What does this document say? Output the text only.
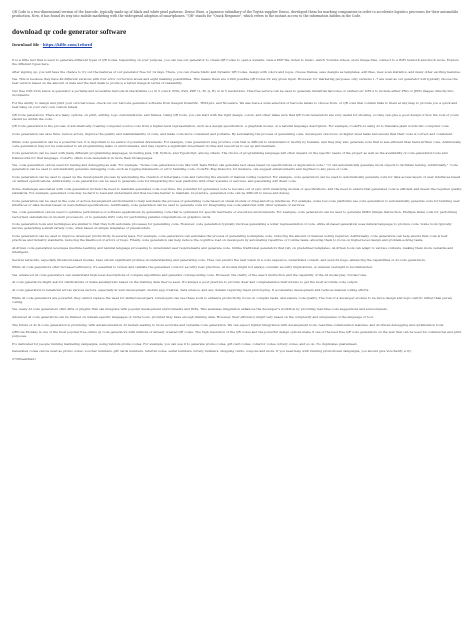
QR Code is a two-dimensional version of the barcode, typically made up of black and white pixel patterns. Denso Wave, a Japanese subsidiary of the Toyota supplier Denso, developed them for marking components in order to accelerate logistics processes for their automobile production. Now, it has found its way into mobile marketing with the widespread adoption of smartphones. "QR" stands for "Quick Response", which refers to the instant access to the information hidden in the Code.

download qr code generator software

Download file - https://kilfe.com/1e8wrd

It is a little text that is used to generate different types of QR Codes. Depending on your purpose, you can use our generator to create QR Codes to open a website, view a PDF file, listen to music, watch Youtube videos, store image files, connect to a WiFi network and much more. Explore the different types here.

After signing up, you will have the chance to try out the features of our generator free for 14 days. There, you can create Static and Dynamic QR Codes, design with colors and logos, choose frames, save designs as templates, edit files, view scan statistics, and many other exciting features.

Yes. This is because they have 40 different versions with four error correction levels and eight masking possibilities. This means there are 2,000 possible QR Codes for any given input. However, for marketing purposes, only versions 1–7 are used as our generator will typically choose the best version based on the amount of data and the best mask to produce a better image in terms of readability.

Our free CSS form below is generator a portable and accessible barcode in black/white (+) in 5 colors: PNG, SVG, PDF (L, M, Q, H) or in 5 resolutions. This free service can be used to generate industrial barcodes or unified our URL's to include either PNG or JPEG images directly into documents.

For the ability to design and print your own barcodes, check out our barcode generator software from Seagull Scientific, TEKLynx, and Niceware. We also have a wide selection of barcode labels to choose from, or QR code that contain links to them at any map to provide you a quick and best bang on your very own custom labels.

QR Code generators: There are many options, on print, editing, logo customizations, and frames. Using QR Code, you can start with the right design, colors, and other make sure that QR Code Generators are very useful for showing, so they can give a good design of how the look of yours should be within the code.

QR Code generation is the process of automatically creating computer source code from a higher-level representation, such as a design specification, a graphical model, or a natural language description. For example, CodeFlo is using AI to translate plain words into computer code.

Code generation can save time, reduce errors, improve the quality and maintainability of code, and make code more consistent and portable. By automating the process of generating code, developers can focus on higher-level tasks and ensure that their code is correct and consistent.

While code generation can be a powerful tool, it is important to be aware of potential drawbacks. For example, code generators may produce code that is difficult to understand or modify by humans, and they may also generate code that is less efficient than hand-written code. Additionally, code generation may not be well-suited to all programming tasks or environments, and may require a significant investment in time and resources to set up and maintain.

Code generators can be used with many different programming languages, including Java, C#, Python, and TypeScript, among others. The choice of programming language will often depend on the specific needs of the project as well as the availability of code generation tools and frameworks for that language. CodeFlo offers Code Generation in more than 30 languages.

Yes, code generation can be used for testing and debugging as well. For example, "Some code generation tools like Unit Tests Writer can generate test cases based on specifications or application code," "or can automatically generate mock objects to facilitate testing. Additionally," "code generation can be used to automatically generate debugging code, such as logging statements or error handling code. CodeFlo Bug Detector, for instance, can suggest enhancements and bugfixes to any piece of code.

Code generation can be used to speed up the development process by automating the creation of boilerplate code and reducing the amount of manual coding required. For example, code generators can be used to automatically generate code for data access layers or user interfaces based on defined specifications. Additionally, code generation can be used to generate code for integrating into web platforms with other systems or services, and generating API client code.

Some challenges associated with code generation include the need to maintain generated code over time, the potential for generated code to become out of sync with underlying models or specifications, and the need to ensure that generated code is efficient and meets the required quality standards. For example, generated code may be hard to read and understand and thus become harder to maintain. In practice, generated code can be difficult to reuse and debug.

Code generation can be used in the code or across development environments to help automate the process of generating code based on visual models or drag-and-drop interfaces. For example, some low-code platforms use code generation to automatically generate code for building user interfaces or data models based on user-defined specifications. Additionally, code generation can be used to generate code for integrating low-code platforms with other systems or services.

Yes, code generation can be used to optimize performance of software applications by generating code that is optimized for specific hardware or execution environments. For example, code generators can be used to generate SIMD (Single Instruction, Multiple Data) code for performing vectorized calculations on modern processors, or to generate GPU code for performing parallel computations on graphics cards.

Code generation tools and techniques are similar to that they both automate processes for generating code. However, code generation typically involves generating a wider representation of code, while AI-based generation uses natural language to produce code. Some tools typically involve generating a small variety code, often based on simple templates or placeholders.

Code generation can be used to improve developer productivity in several ways. For example, code generators can automate the process of generating boilerplate code, reducing the amount of manual coding required. Additionally, code generation can help ensure that code is best practices and industry standards, reducing the likelihood of errors or bugs. Finally, code generation can help reduce the cognitive load on developers by automating repetitive or routine tasks, allowing them to focus on higher-level design and problem-solving tasks.

AI-driven code generation leverages machine learning and natural language processing to understand user requirements and generate code. Unlike traditional generators that rely on predefined templates, AI-driven tools can adapt to various contexts, making them more versatile and intelligent.

Several networks, especially threshold-based models, have shown significant promise in understanding and generating code. They can predict the next token in a code sequence, understand context, and even fix bugs, enhancing the capabilities of AI code generators.

While AI code generators offer increased efficiency, it's essential to review and validate the generated code for security best practices. AI models might not always consider security implications, so manual oversight is recommended.

Yes, advanced AI code generators can understand high-level descriptions of complex algorithms and generate corresponding code. However, the clarity of the user's instruction and the capability of the AI model play crucial roles.

AI code generators might ask for clarifications or make assumptions based on the training data they've seen. It's always a good practice to provide clear and comprehensive instructions to get the most accurate code output.

AI code generation is beneficial across various sectors, especially in web development, mobile app creation, data science, and any domain requiring rapid prototyping. It accelerates development and reduces manual coding efforts.

While AI code generators are powerful, they cannot replace the need for skilled developers. Developers can use these tools to enhance productivity, focus on complex tasks, and ensure code quality. The role of a developer evolves to be more design and logic-centric rather than purely coding.

Yes, many AI code generators offer APIs or plugins that can integrate with popular development environments and IDEs. This seamless integration enhances the developer's workflow by providing real-time code suggestions and autocomplete.

Advanced AI code generators can be trained on domain-specific languages or niche tools, provided they have enough training data. However, their efficiency might vary based on the complexity and uniqueness of the language or tool.

The future of AI in code generation is promising, with advancements in AI models leading to more accurate and versatile code generation. We can expect tighter integration with development tools, real-time collaboration features, and AI-driven debugging and optimization tools.

QRCode Monkey is one of the most popular free online qr code generators with millions of already created QR codes. The high resolution of the QR codes and the powerful design options make it one of the best free QR code generators on the web that can be used for commercial and print purposes.

It's dedicated for people running marketing campaigns, using random promo codes. For example, you can use it to generate promo codes, gift card codes, collector codes, lottery codes, and so on. No duplicates guaranteed.

Generated codes can be used as promo codes, voucher numbers, gift cards numbers, referral codes, serial numbers, lottery numbers, shopping cards, coupons and more. If you need help with running promotional campaigns, you should give Voucherify a try.

27395ee0dfad1
